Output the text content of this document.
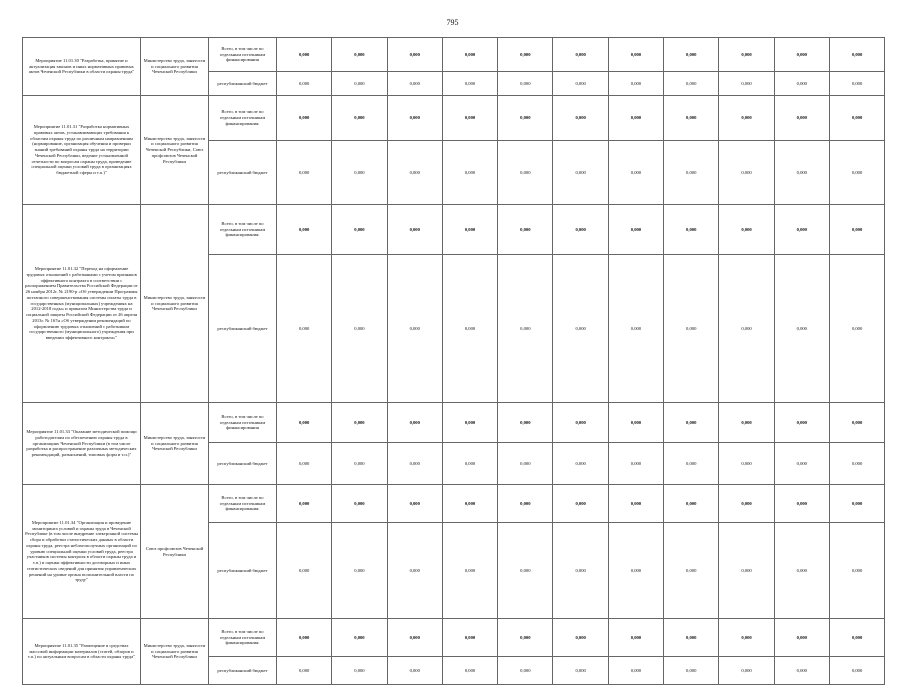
795
Мероприятие 11.01.30 "Разработка, принятие и актуализация законов и иных нормативных правовых актов Чеченской Республики в области охраны труда"	Министерство труда, занятости и социального развития Чеченской Республики	Всего, в том числе по отдельным источникам финансирования	0,000	0,000	0,000	0,000	0,000	0,000	0,000	0,000	0,000	0,000	0,000
		республиканский бюджет	0,000	0,000	0,000	0,000	0,000	0,000	0,000	0,000	0,000	0,000	0,000
Мероприятие 11.01.31 "Разработка нормативных правовых актов, устанавливающих требования к областям охраны труда по различным направлениям (нормирование, организация обучения и проверки знаний требований охраны труда на территории Чеченской Республики, ведение установленной отчетности по вопросам охраны труда, проведение специальной оценки условий труда в организациях бюджетной сферы и т.п.)"	Министерство труда, занятости и социального развития Чеченской Республики, Союз профсоюзов Чеченской Республики	Всего, в том числе по отдельным источникам финансирования:	0,000	0,000	0,000	0,000	0,000	0,000	0,000	0,000	0,000	0,000	0,000
		республиканский бюджет	0,000	0,000	0,000	0,000	0,000	0,000	0,000	0,000	0,000	0,000	0,000
Мероприятие 11.01.32 "Переход на оформление трудовых отношений с работниками с учетом признаков эффективного контракта в соответствии с распоряжением Правительства Российской Федерации от 26 ноября 2012г. № 2190-р «Об утверждении Программы поэтапного совершенствования системы оплаты труда в государственных (муниципальных) учреждениях на 2012-2018 годы» и приказом Министерства труда и социальной защиты Российской Федерации от 26 апреля 2013г. № 167н «Об утверждении рекомендаций по оформлению трудовых отношений с работником государственного (муниципального) учреждения при введении эффективного контракта»"	Министерство труда, занятости и социального развития Чеченской Республики	Всего, в том числе по отдельным источникам финансирования:	0,000	0,000	0,000	0,000	0,000	0,000	0,000	0,000	0,000	0,000	0,000
		республиканский бюджет	0,000	0,000	0,000	0,000	0,000	0,000	0,000	0,000	0,000	0,000	0,000
Мероприятие 11.01.33 "Оказание методической помощи работодателям по обеспечению охраны труда в организациях Чеченской Республики (в том числе разработка и распространение различных методических рекомендаций, разъяснений, типовых форм и т.п.)"	Министерство труда, занятости и социального развития Чеченской Республики	Всего, в том числе по отдельным источникам финансирования	0,000	0,000	0,000	0,000	0,000	0,000	0,000	0,000	0,000	0,000	0,000
		республиканский бюджет	0,000	0,000	0,000	0,000	0,000	0,000	0,000	0,000	0,000	0,000	0,000
Мероприятие 11.01.34 "Организация и проведение мониторинга условий и охраны труда в Чеченской Республике (в том числе внедрение электронной системы сбора и обработки статистических данных в области охраны труда, реестра неблагополучных организаций по уровню специальной оценки условий труда, реестра участников системы контроля в области охраны труда и т.п.) и оценки эффективности договорных и иных статистических сведений для принятия управленческих решений на уровне органа исполнительной власти по труду"	Союз профсоюзов Чеченской Республики	Всего, в том числе по отдельным источникам финансирования:	0,000	0,000	0,000	0,000	0,000	0,000	0,000	0,000	0,000	0,000	0,000
		республиканский бюджет	0,000	0,000	0,000	0,000	0,000	0,000	0,000	0,000	0,000	0,000	0,000
Мероприятие 11.01.35 "Размещение в средствах массовой информации материалов (статей, обзоров и т.п.) по актуальным вопросам в области охраны труда"	Министерство труда, занятости и социального развития Чеченской Республики	Всего, в том числе по отдельным источникам финансирования:	0,000	0,000	0,000	0,000	0,000	0,000	0,000	0,000	0,000	0,000	0,000
		республиканский бюджет	0,000	0,000	0,000	0,000	0,000	0,000	0,000	0,000	0,000	0,000	0,000
